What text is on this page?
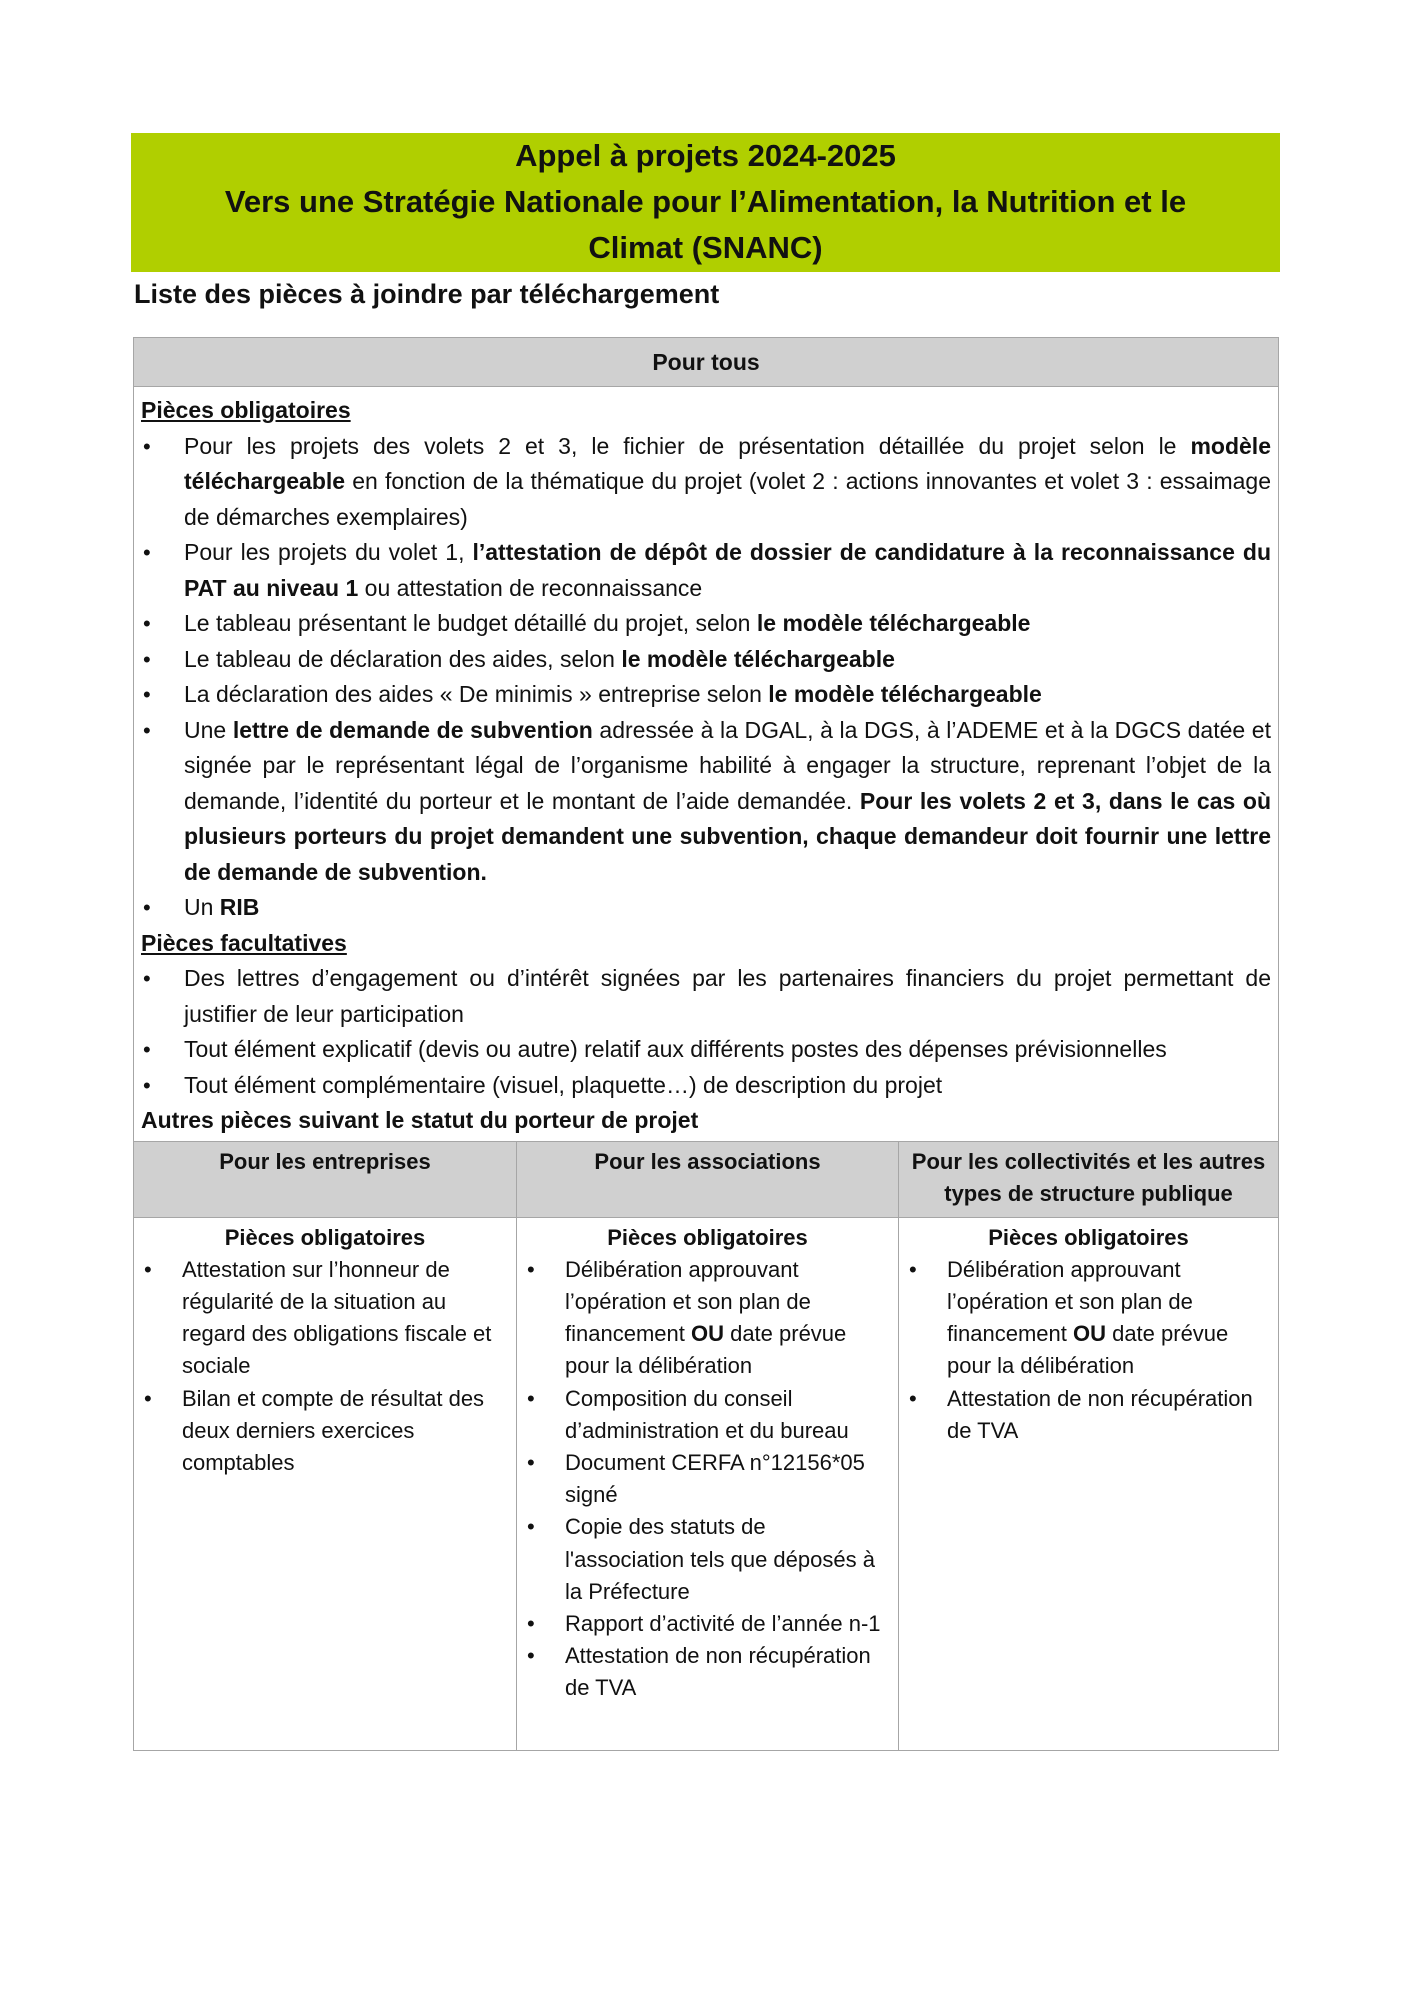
Appel à projets 2024-2025
Vers une Stratégie Nationale pour l’Alimentation, la Nutrition et le
Climat (SNANC)
Liste des pièces à joindre par téléchargement
Pour tous
Pièces obligatoires
• Pour les projets des volets 2 et 3, le fichier de présentation détaillée du projet selon le modèle téléchargeable en fonction de la thématique du projet (volet 2 : actions innovantes et volet 3 : essaimage de démarches exemplaires)
• Pour les projets du volet 1, l’attestation de dépôt de dossier de candidature à la reconnaissance du PAT au niveau 1 ou attestation de reconnaissance
• Le tableau présentant le budget détaillé du projet, selon le modèle téléchargeable
• Le tableau de déclaration des aides, selon le modèle téléchargeable
• La déclaration des aides « De minimis » entreprise selon le modèle téléchargeable
• Une lettre de demande de subvention adressée à la DGAL, à la DGS, à l’ADEME et à la DGCS datée et signée par le représentant légal de l’organisme habilité à engager la structure, reprenant l’objet de la demande, l’identité du porteur et le montant de l’aide demandée. Pour les volets 2 et 3, dans le cas où plusieurs porteurs du projet demandent une subvention, chaque demandeur doit fournir une lettre de demande de subvention.
• Un RIB
Pièces facultatives
• Des lettres d’engagement ou d’intérêt signées par les partenaires financiers du projet permettant de justifier de leur participation
• Tout élément explicatif (devis ou autre) relatif aux différents postes des dépenses prévisionnelles
• Tout élément complémentaire (visuel, plaquette…) de description du projet
Autres pièces suivant le statut du porteur de projet
Pour les entreprises	Pour les associations	Pour les collectivités et les autres types de structure publique
Pièces obligatoires
• Attestation sur l’honneur de régularité de la situation au regard des obligations fiscale et sociale
• Bilan et compte de résultat des deux derniers exercices comptables
Pièces obligatoires
• Délibération approuvant l’opération et son plan de financement OU date prévue pour la délibération
• Composition du conseil d’administration et du bureau
• Document CERFA n°12156*05 signé
• Copie des statuts de l'association tels que déposés à la Préfecture
• Rapport d’activité de l’année n-1
• Attestation de non récupération de TVA
Pièces obligatoires
• Délibération approuvant l’opération et son plan de financement OU date prévue pour la délibération
• Attestation de non récupération de TVA
